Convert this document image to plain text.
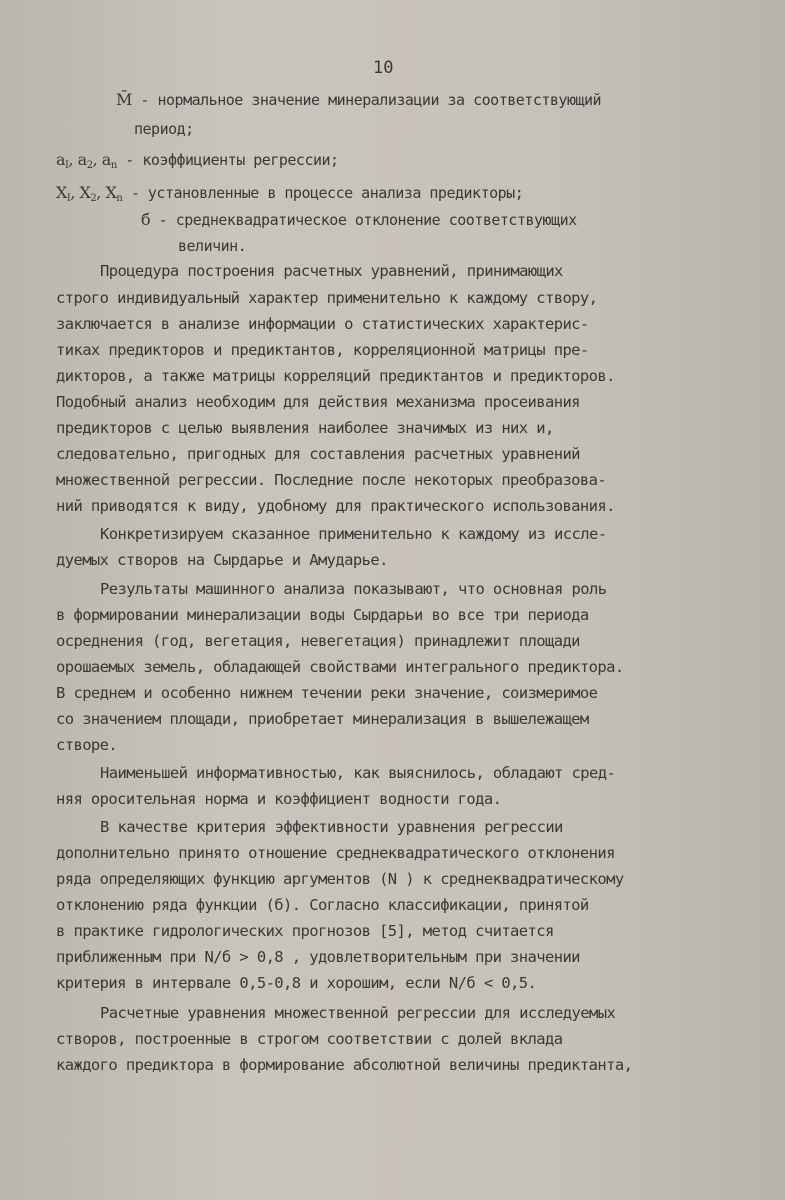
10
M̄ - нормальное значение минерализации за соответствующий
период;
$a_I$, $a_2$, $a_n$ - коэффициенты регрессии;
$X_I$, $X_2$, $X_n$ - установленные в процессе анализа предикторы;
б - среднеквадратическое отклонение соответствующих
величин.
Процедура построения расчетных уравнений, принимающих
строго индивидуальный характер применительно к каждому створу,
заключается в анализе информации о статистических характерис-
тиках предикторов и предиктантов, корреляционной матрицы пре-
дикторов, а также матрицы корреляций предиктантов и предикторов.
Подобный анализ необходим для действия механизма просеивания
предикторов с целью выявления наиболее значимых из них и,
следовательно, пригодных для составления расчетных уравнений
множественной регрессии. Последние после некоторых преобразова-
ний приводятся к виду, удобному для практического использования.
Конкретизируем сказанное применительно к каждому из иссле-
дуемых створов на Сырдарье и Амударье.
Результаты машинного анализа показывают, что основная роль
в формировании минерализации воды Сырдарьи во все три периода
осреднения (год, вегетация, невегетация) принадлежит площади
орошаемых земель, обладающей свойствами интегрального предиктора.
В среднем и особенно нижнем течении реки значение, соизмеримое
со значением площади, приобретает минерализация в вышележащем
створе.
Наименьшей информативностью, как выяснилось, обладают сред-
няя оросительная норма и коэффициент водности года.
В качестве критерия эффективности уравнения регрессии
дополнительно принято отношение среднеквадратического отклонения
ряда определяющих функцию аргументов (N ) к среднеквадратическому
отклонению ряда функции (б). Согласно классификации, принятой
в практике гидрологических прогнозов [5], метод считается
приближенным при N/б > 0,8 , удовлетворительным при значении
критерия в интервале 0,5-0,8 и хорошим, если N/б < 0,5.
Расчетные уравнения множественной регрессии для исследуемых
створов, построенные в строгом соответствии с долей вклада
каждого предиктора в формирование абсолютной величины предиктанта,
